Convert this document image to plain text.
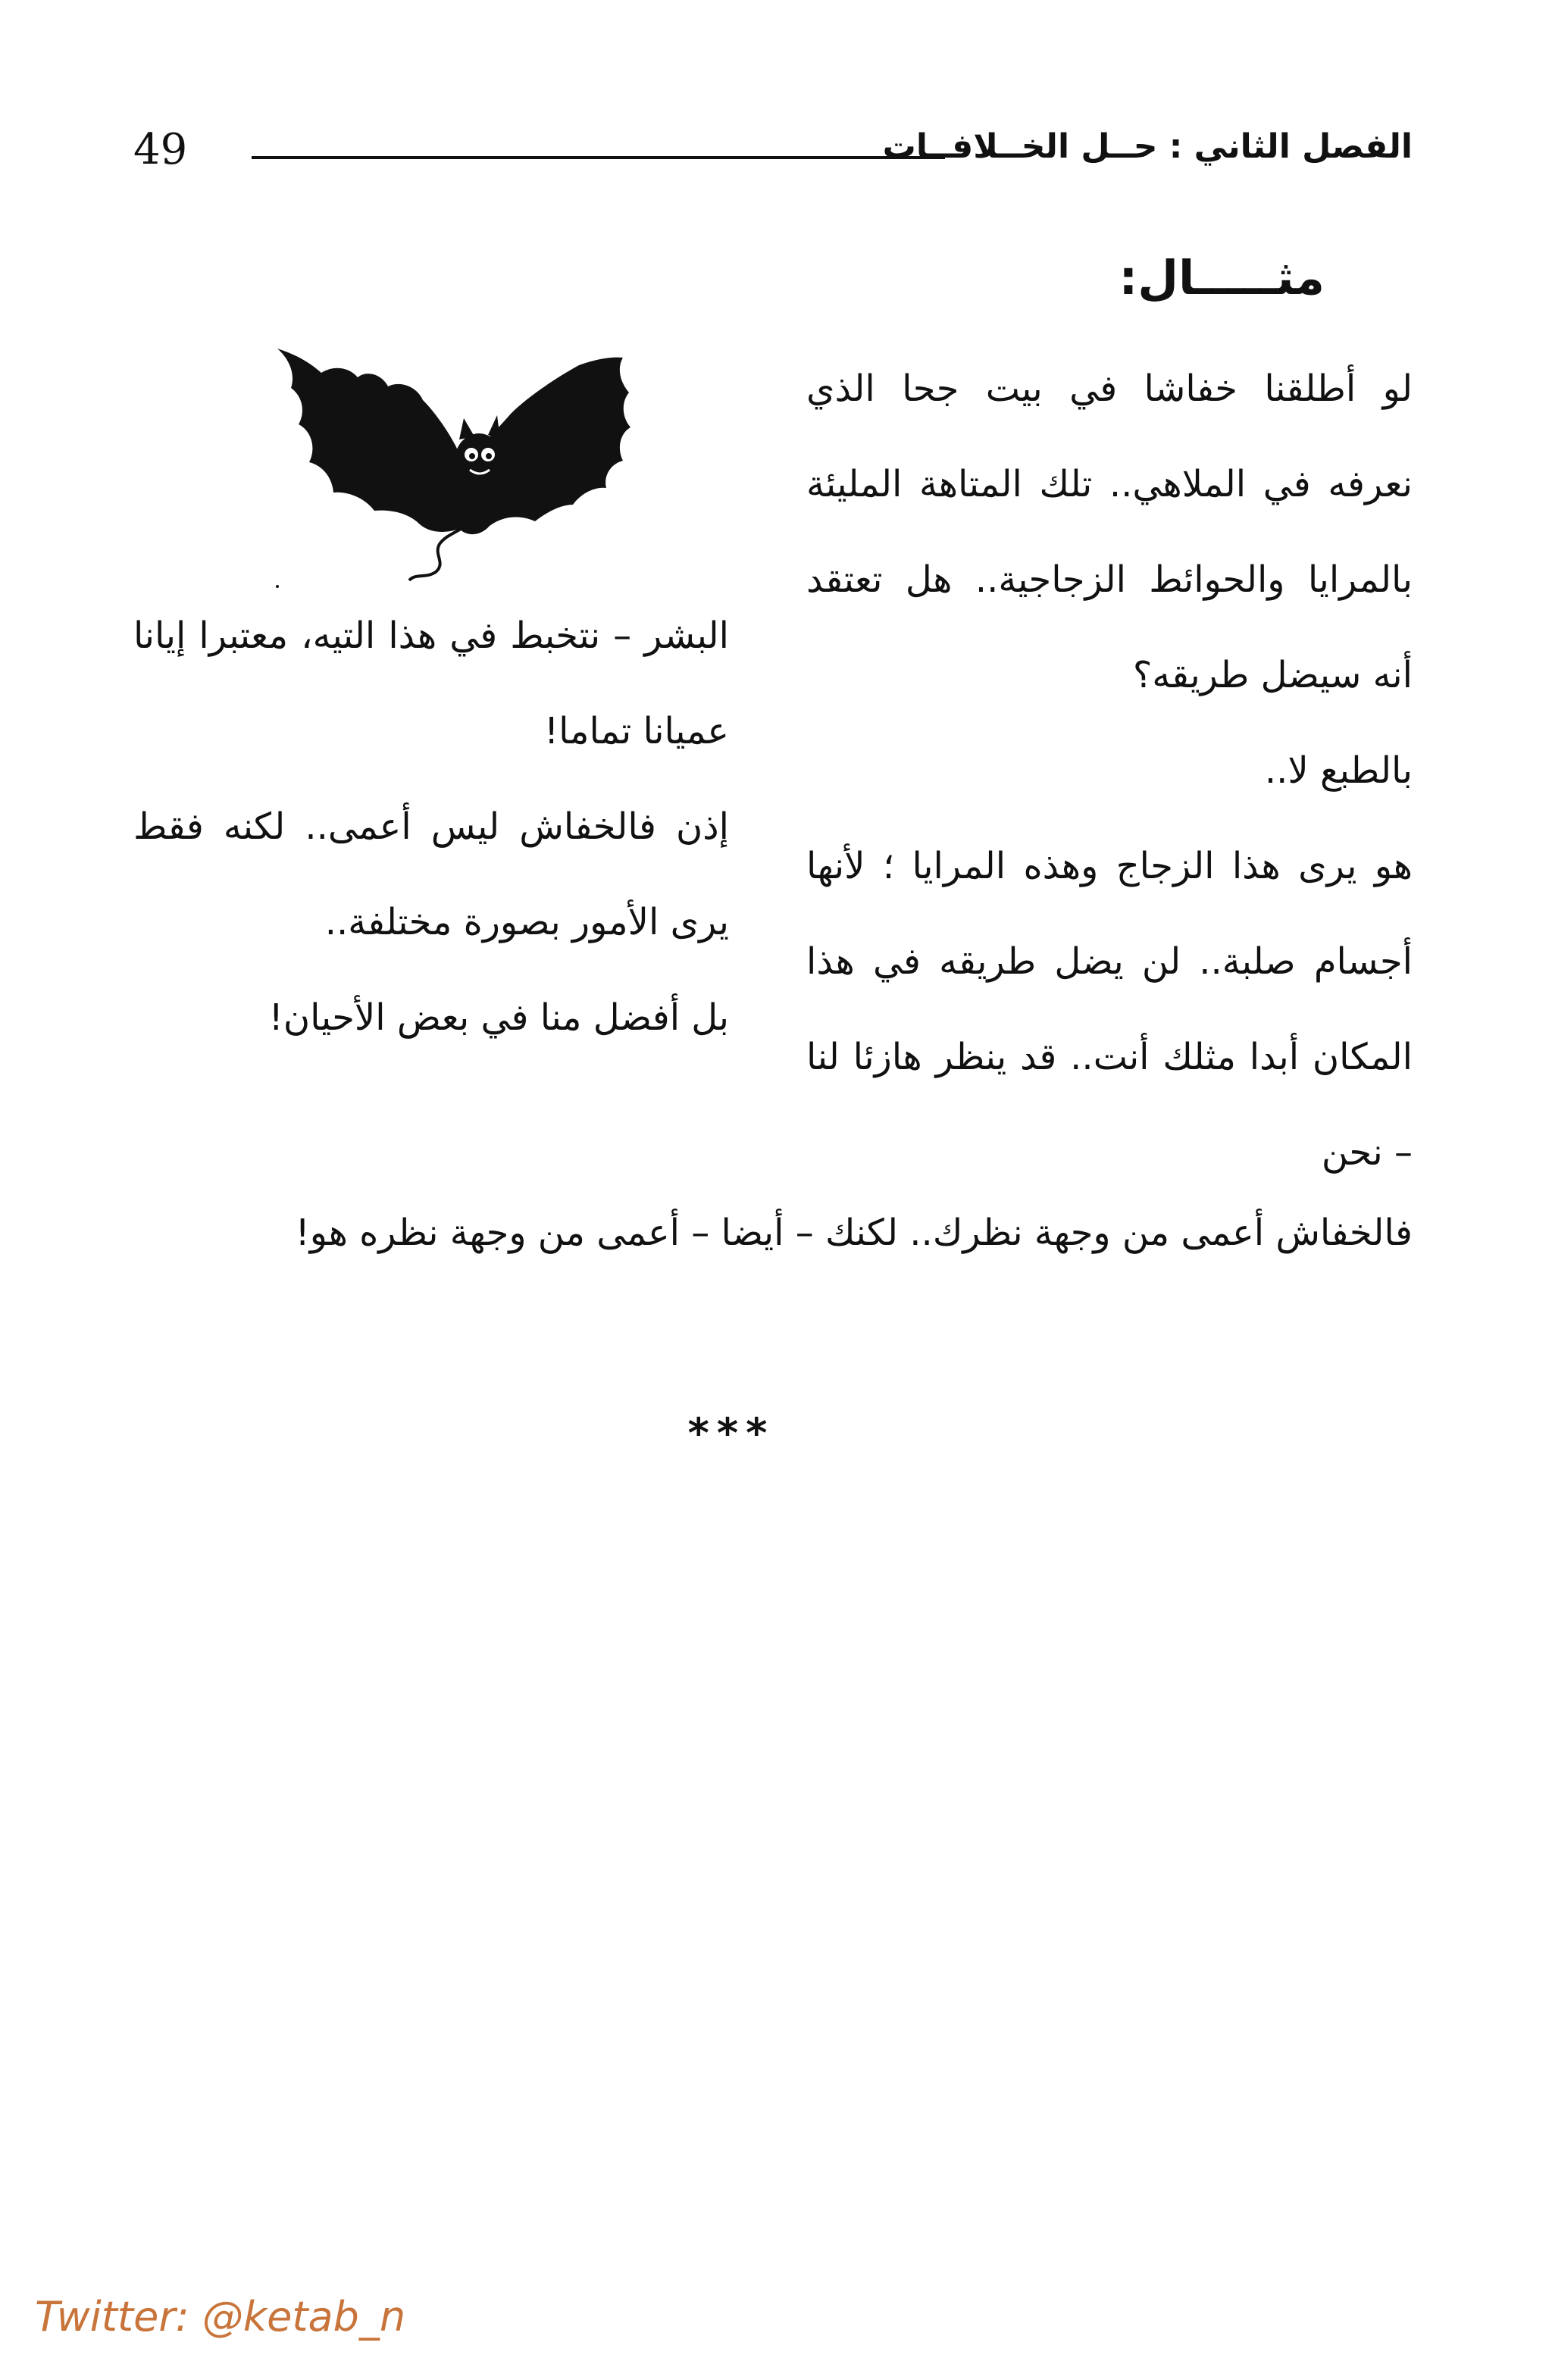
49	الفصل الثاني : حــل الخــلافــات
مثـــــال:

لو أطلقنا خفاشا في بيت جحا الذي نعرفه في الملاهي.. تلك المتاهة المليئة بالمرايا والحوائط الزجاجية.. هل تعتقد أنه سيضل طريقه؟

بالطبع لا..

هو يرى هذا الزجاج وهذه المرايا ؛ لأنها أجسام صلبة.. لن يضل طريقه في هذا المكان أبدا مثلك أنت.. قد ينظر هازئا لنا – نحن

البشر – نتخبط في هذا التيه، معتبرا إيانا عميانا تماما!

إذن فالخفاش ليس أعمى.. لكنه فقط يرى الأمور بصورة مختلفة..

بل أفضل منا في بعض الأحيان!

فالخفاش أعمى من وجهة نظرك.. لكنك – أيضا – أعمى من وجهة نظره هو!
***
Twitter: @ketab_n
